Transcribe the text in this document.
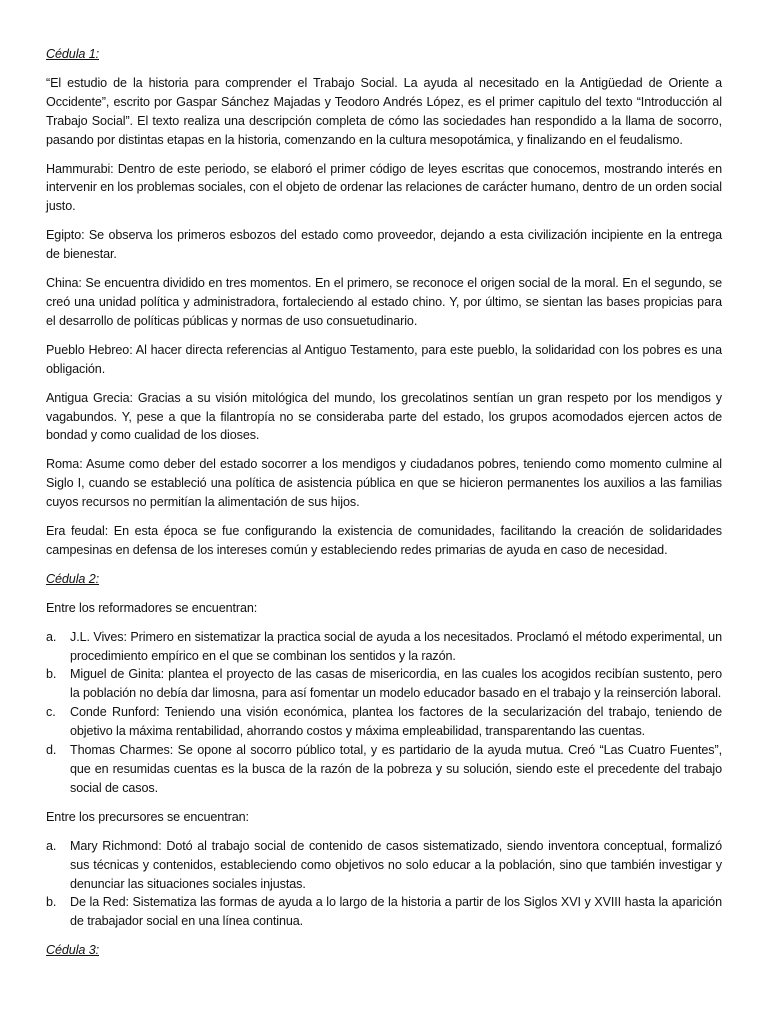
Cédula 1:

“El estudio de la historia para comprender el Trabajo Social. La ayuda al necesitado en la Antigüedad de Oriente a Occidente”, escrito por Gaspar Sánchez Majadas y Teodoro Andrés López, es el primer capitulo del texto “Introducción al Trabajo Social”. El texto realiza una descripción completa de cómo las sociedades han respondido a la llama de socorro, pasando por distintas etapas en la historia, comenzando en la cultura mesopotámica, y finalizando en el feudalismo.

Hammurabi: Dentro de este periodo, se elaboró el primer código de leyes escritas que conocemos, mostrando interés en intervenir en los problemas sociales, con el objeto de ordenar las relaciones de carácter humano, dentro de un orden social justo.

Egipto: Se observa los primeros esbozos del estado como proveedor, dejando a esta civilización incipiente en la entrega de bienestar.

China: Se encuentra dividido en tres momentos. En el primero, se reconoce el origen social de la moral. En el segundo, se creó una unidad política y administradora, fortaleciendo al estado chino. Y, por último, se sientan las bases propicias para el desarrollo de políticas públicas y normas de uso consuetudinario.

Pueblo Hebreo: Al hacer directa referencias al Antiguo Testamento, para este pueblo, la solidaridad con los pobres es una obligación.

Antigua Grecia: Gracias a su visión mitológica del mundo, los grecolatinos sentían un gran respeto por los mendigos y vagabundos. Y, pese a que la filantropía no se consideraba parte del estado, los grupos acomodados ejercen actos de bondad y como cualidad de los dioses.

Roma: Asume como deber del estado socorrer a los mendigos y ciudadanos pobres, teniendo como momento culmine al Siglo I, cuando se estableció una política de asistencia pública en que se hicieron permanentes los auxilios a las familias cuyos recursos no permitían la alimentación de sus hijos.

Era feudal: En esta época se fue configurando la existencia de comunidades, facilitando la creación de solidaridades campesinas en defensa de los intereses común y estableciendo redes primarias de ayuda en caso de necesidad.

Cédula 2:

Entre los reformadores se encuentran:

a. J.L. Vives: Primero en sistematizar la practica social de ayuda a los necesitados. Proclamó el método experimental, un procedimiento empírico en el que se combinan los sentidos y la razón.
b. Miguel de Ginita: plantea el proyecto de las casas de misericordia, en las cuales los acogidos recibían sustento, pero la población no debía dar limosna, para así fomentar un modelo educador basado en el trabajo y la reinserción laboral.
c. Conde Runford: Teniendo una visión económica, plantea los factores de la secularización del trabajo, teniendo de objetivo la máxima rentabilidad, ahorrando costos y máxima empleabilidad, transparentando las cuentas.
d. Thomas Charmes: Se opone al socorro público total, y es partidario de la ayuda mutua. Creó “Las Cuatro Fuentes”, que en resumidas cuentas es la busca de la razón de la pobreza y su solución, siendo este el precedente del trabajo social de casos.

Entre los precursores se encuentran:

a. Mary Richmond: Dotó al trabajo social de contenido de casos sistematizado, siendo inventora conceptual, formalizó sus técnicas y contenidos, estableciendo como objetivos no solo educar a la población, sino que también investigar y denunciar las situaciones sociales injustas.
b. De la Red: Sistematiza las formas de ayuda a lo largo de la historia a partir de los Siglos XVI y XVIII hasta la aparición de trabajador social en una línea continua.
Cédula 3:
